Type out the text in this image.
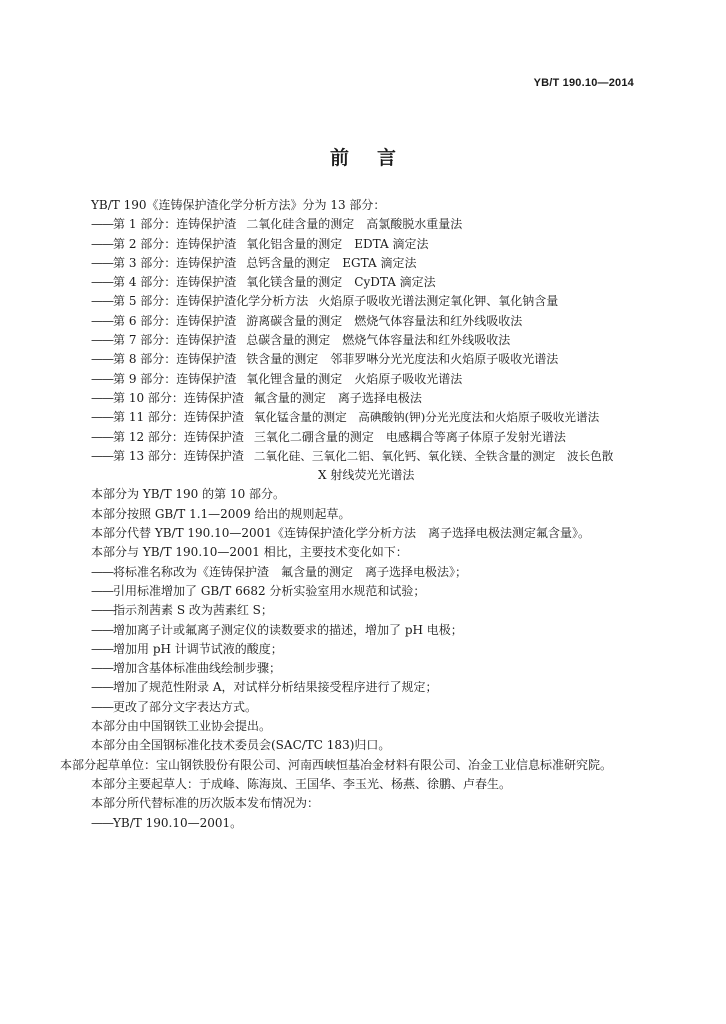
YB/T 190.10—2014
前言
YB/T 190《连铸保护渣化学分析方法》分为 13 部分：
—— 第 1 部分：连铸保护渣 二氧化硅含量的测定　高氯酸脱水重量法
—— 第 2 部分：连铸保护渣 氧化铝含量的测定　EDTA 滴定法
—— 第 3 部分：连铸保护渣 总钙含量的测定　EGTA 滴定法
—— 第 4 部分：连铸保护渣 氧化镁含量的测定　CyDTA 滴定法
—— 第 5 部分：连铸保护渣化学分析方法 火焰原子吸收光谱法测定氧化钾、氧化钠含量
—— 第 6 部分：连铸保护渣 游离碳含量的测定　燃烧气体容量法和红外线吸收法
—— 第 7 部分：连铸保护渣 总碳含量的测定　燃烧气体容量法和红外线吸收法
—— 第 8 部分：连铸保护渣 铁含量的测定　邻菲罗啉分光光度法和火焰原子吸收光谱法
—— 第 9 部分：连铸保护渣 氧化锂含量的测定　火焰原子吸收光谱法
—— 第 10 部分：连铸保护渣 氟含量的测定　离子选择电极法
—— 第 11 部分：连铸保护渣 氧化锰含量的测定　高碘酸钠(钾)分光光度法和火焰原子吸收光谱法
—— 第 12 部分：连铸保护渣 三氧化二硼含量的测定　电感耦合等离子体原子发射光谱法
—— 第 13 部分：连铸保护渣 二氧化硅、三氧化二铝、氧化钙、氧化镁、全铁含量的测定　波长色散
X 射线荧光光谱法
本部分为 YB/T 190 的第 10 部分。
本部分按照 GB/T 1.1—2009 给出的规则起草。
本部分代替 YB/T 190.10—2001《连铸保护渣化学分析方法　离子选择电极法测定氟含量》。
本部分与 YB/T 190.10—2001 相比，主要技术变化如下：
—— 将标准名称改为《连铸保护渣　氟含量的测定　离子选择电极法》；
—— 引用标准增加了 GB/T 6682 分析实验室用水规范和试验；
—— 指示剂茜素 S 改为茜素红 S；
—— 增加离子计或氟离子测定仪的读数要求的描述，增加了 pH 电极；
—— 增加用 pH 计调节试液的酸度；
—— 增加含基体标准曲线绘制步骤；
—— 增加了规范性附录 A，对试样分析结果接受程序进行了规定；
—— 更改了部分文字表达方式。
本部分由中国钢铁工业协会提出。
本部分由全国钢标准化技术委员会(SAC/TC 183)归口。
本部分起草单位：宝山钢铁股份有限公司、河南西峡恒基冶金材料有限公司、冶金工业信息标准研究院。
本部分主要起草人：于成峰、陈海岚、王国华、李玉光、杨燕、徐鹏、卢春生。
本部分所代替标准的历次版本发布情况为：
—— YB/T 190.10—2001。
